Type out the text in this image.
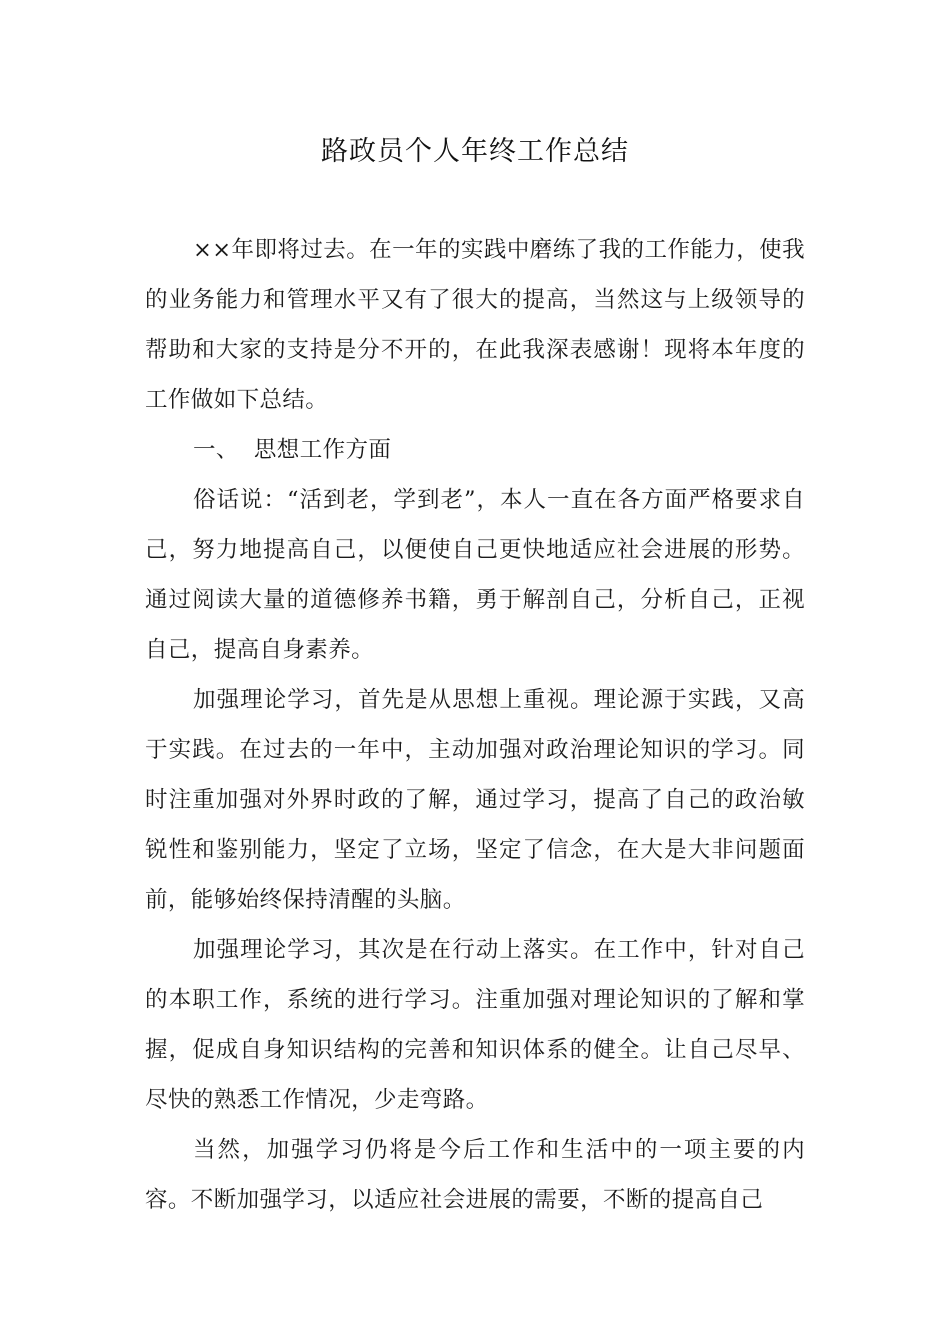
路政员个人年终工作总结

××年即将过去。在一年的实践中磨练了我的工作能力，使我的业务能力和管理水平又有了很大的提高，当然这与上级领导的帮助和大家的支持是分不开的，在此我深表感谢！现将本年度的工作做如下总结。

一、  思想工作方面

俗话说：“活到老，学到老”，本人一直在各方面严格要求自己，努力地提高自己，以便使自己更快地适应社会进展的形势。通过阅读大量的道德修养书籍，勇于解剖自己，分析自己，正视自己，提高自身素养。

加强理论学习，首先是从思想上重视。理论源于实践，又高于实践。在过去的一年中，主动加强对政治理论知识的学习。同时注重加强对外界时政的了解，通过学习，提高了自己的政治敏锐性和鉴别能力，坚定了立场，坚定了信念，在大是大非问题面前，能够始终保持清醒的头脑。

加强理论学习，其次是在行动上落实。在工作中，针对自己的本职工作，系统的进行学习。注重加强对理论知识的了解和掌握，促成自身知识结构的完善和知识体系的健全。让自己尽早、尽快的熟悉工作情况，少走弯路。

当然，加强学习仍将是今后工作和生活中的一项主要的内容。不断加强学习，以适应社会进展的需要，不断的提高自己
